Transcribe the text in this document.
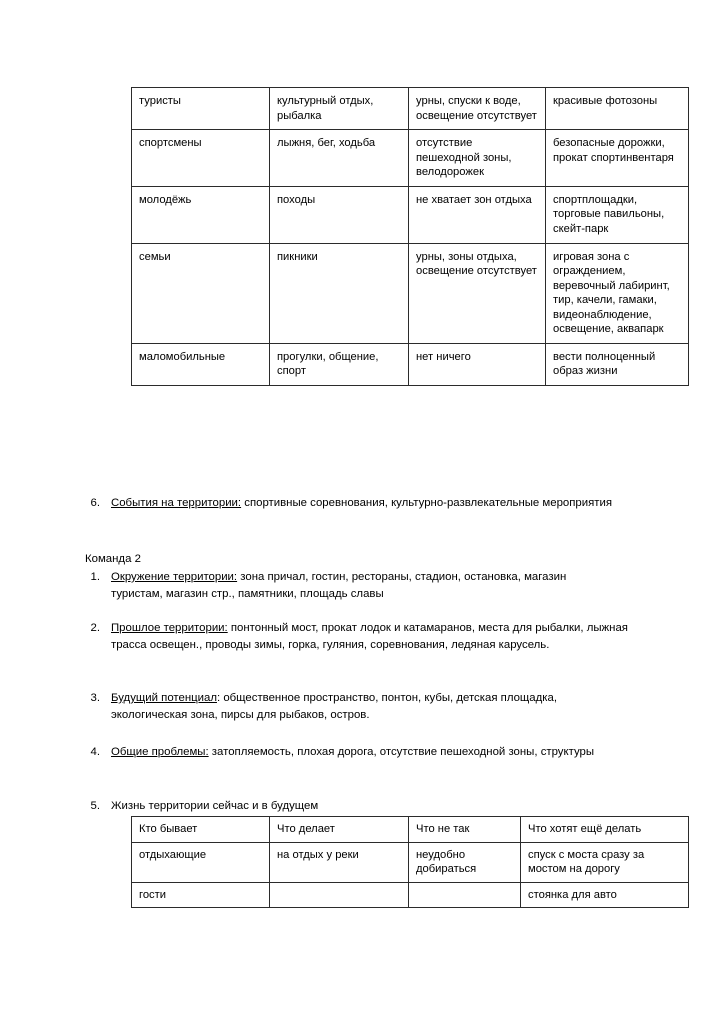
туристы	культурный отдых, рыбалка	урны, спуски к воде, освещение отсутствует	красивые фотозоны
спортсмены	лыжня, бег, ходьба	отсутствие пешеходной зоны, велодорожек	безопасные дорожки, прокат спортинвентаря
молодёжь	походы	не хватает зон отдыха	спортплощадки, торговые павильоны, скейт-парк
семьи	пикники	урны, зоны отдыха, освещение отсутствует	игровая зона с ограждением, веревочный лабиринт, тир, качели, гамаки, видеонаблюдение, освещение, аквапарк
маломобильные	прогулки, общение, спорт	нет ничего	вести полноценный образ жизни
6. События на территории: спортивные соревнования, культурно-развлекательные мероприятия
Команда 2
1. Окружение территории: зона причал, гостин, рестораны, стадион, остановка, магазин туристам, магазин стр., памятники, площадь славы
2. Прошлое территории: понтонный мост, прокат лодок и катамаранов, места для рыбалки, лыжная трасса освещен., проводы зимы, горка, гуляния, соревнования, ледяная карусель.
3. Будущий потенциал: общественное пространство, понтон, кубы, детская площадка, экологическая зона, пирсы для рыбаков, остров.
4. Общие проблемы: затопляемость, плохая дорога, отсутствие пешеходной зоны, структуры
5. Жизнь территории сейчас и в будущем
Кто бывает	Что делает	Что не так	Что хотят ещё делать
отдыхающие	на отдых у реки	неудобно добираться	спуск с моста сразу за мостом на дорогу
гости			стоянка для авто
